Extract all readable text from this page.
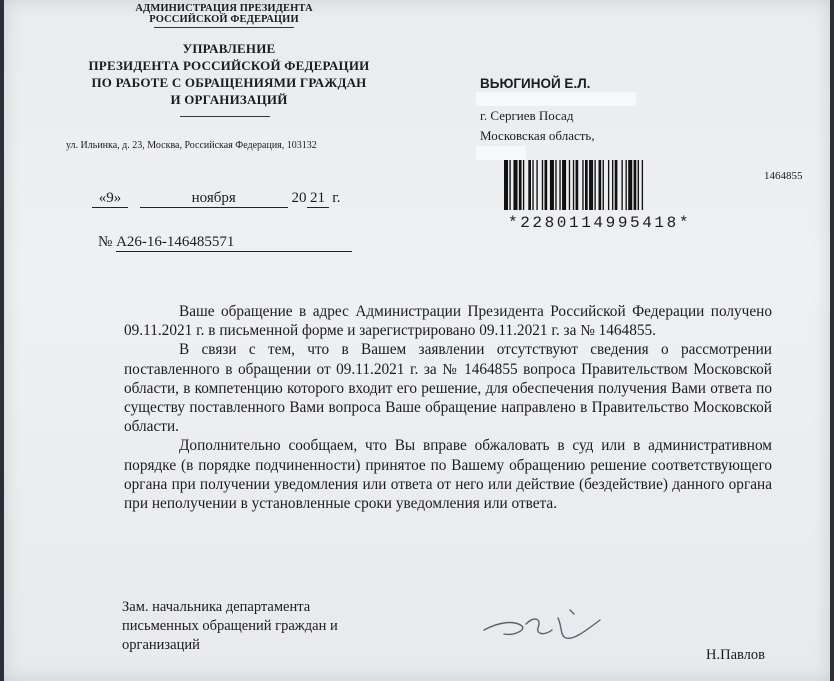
АДМИНИСТРАЦИЯ ПРЕЗИДЕНТА
РОССИЙСКОЙ ФЕДЕРАЦИИ
УПРАВЛЕНИЕ
ПРЕЗИДЕНТА РОССИЙСКОЙ ФЕДЕРАЦИИ
ПО РАБОТЕ С ОБРАЩЕНИЯМИ ГРАЖДАН
И ОРГАНИЗАЦИЙ
ул. Ильинка, д. 23, Москва, Российская Федерация, 103132
«9»	ноября	20 21 г.
№ А26-16-146485571
ВЬЮГИНОЙ Е.Л.
г. Сергиев Посад
Московская область,
*2280114995418*
1464855

Ваше обращение в адрес Администрации Президента Российской Федерации получено 09.11.2021 г. в письменной форме и зарегистрировано 09.11.2021 г. за № 1464855.

В связи с тем, что в Вашем заявлении отсутствуют сведения о рассмотрении поставленного в обращении от 09.11.2021 г. за № 1464855 вопроса Правительством Московской области, в компетенцию которого входит его решение, для обеспечения получения Вами ответа по существу поставленного Вами вопроса Ваше обращение направлено в Правительство Московской области.

Дополнительно сообщаем, что Вы вправе обжаловать в суд или в административном порядке (в порядке подчиненности) принятое по Вашему обращению решение соответствующего органа при получении уведомления или ответа от него или действие (бездействие) данного органа при неполучении в установленные сроки уведомления или ответа.

Зам. начальника департамента
письменных обращений граждан и
организаций
Н.Павлов
